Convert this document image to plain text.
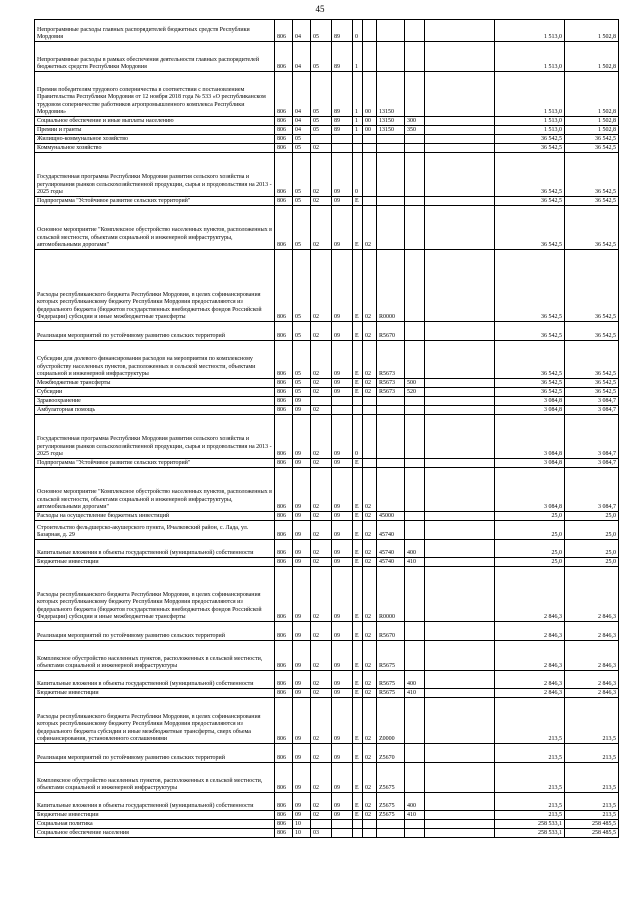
45
Непрограммные расходы главных распорядителей бюджетных средств Республики Мордовия	806	04	05	89	0					1 513,0	1 502,8	
Непрограммные расходы в рамках обеспечения деятельности главных распорядителей бюджетных средств Республики Мордовия	806	04	05	89	1					1 513,0	1 502,8	
Премия победителям трудового соперничества в соответствии с постановлением Правительства Республики Мордовия от 12 ноября 2018 года № 533 «О республиканском трудовом соперничестве работников агропромышленного комплекса Республики Мордовия»	806	04	05	89	1	00	13150			1 513,0	1 502,8	
Социальное обеспечение и иные выплаты населению	806	04	05	89	1	00	13150	300		1 513,0	1 502,8	
Премии и гранты	806	04	05	89	1	00	13150	350		1 513,0	1 502,8	
Жилищно-коммунальное хозяйство	806	05								36 542,5	36 542,5	
Коммунальное хозяйство	806	05	02							36 542,5	36 542,5	
Государственная программа Республики Мордовия развития сельского хозяйства и регулирования рынков сельскохозяйственной продукции, сырья и продовольствия на 2013 - 2025 годы	806	05	02	09	0					36 542,5	36 542,5	
Подпрограмма "Устойчивое развитие сельских территорий"	806	05	02	09	Е					36 542,5	36 542,5	
Основное мероприятие "Комплексное обустройство населенных пунктов, расположенных в сельской местности, объектами социальной и инженерной инфраструктуры, автомобильными дорогами"	806	05	02	09	Е	02				36 542,5	36 542,5	
Расходы республиканского бюджета Республики Мордовия, в целях софинансирования которых республиканскому бюджету Республики Мордовия предоставляются из федерального бюджета (бюджетов государственных внебюджетных фондов Российской Федерации) субсидии и иные межбюджетные трансферты	806	05	02	09	Е	02	R0000			36 542,5	36 542,5	
Реализация мероприятий по устойчивому развитию сельских территорий	806	05	02	09	Е	02	R5670			36 542,5	36 542,5	
Субсидии для долевого финансирования расходов на мероприятия по комплексному обустройству населенных пунктов, расположенных в сельской местности, объектами социальной и инженерной инфраструктуры	806	05	02	09	Е	02	R5673			36 542,5	36 542,5	
Межбюджетные трансферты	806	05	02	09	Е	02	R5673	500		36 542,5	36 542,5	
Субсидии	806	05	02	09	Е	02	R5673	520		36 542,5	36 542,5	
Здравоохранение	806	09								3 084,8	3 084,7	
Амбулаторная помощь	806	09	02							3 084,8	3 084,7	
Государственная программа Республики Мордовия развития сельского хозяйства и регулирования рынков сельскохозяйственной продукции, сырья и продовольствия на 2013 - 2025 годы	806	09	02	09	0					3 084,8	3 084,7	
Подпрограмма "Устойчивое развитие сельских территорий"	806	09	02	09	Е					3 084,8	3 084,7	
Основное мероприятие "Комплексное обустройство населенных пунктов, расположенных в сельской местности, объектами социальной и инженерной инфраструктуры, автомобильными дорогами"	806	09	02	09	Е	02				3 084,8	3 084,7	
Расходы на осуществление бюджетных инвестиций	806	09	02	09	Е	02	45000			25,0	25,0	
Строительство фельдшерско-акушерского пункта, Ичалковский район, с. Лада, ул. Базарная, д. 29	806	09	02	09	Е	02	45740			25,0	25,0	
Капитальные вложения в объекты государственной (муниципальной) собственности	806	09	02	09	Е	02	45740	400		25,0	25,0	
Бюджетные инвестиции	806	09	02	09	Е	02	45740	410		25,0	25,0	
Расходы республиканского бюджета Республики Мордовия, в целях софинансирования которых республиканскому бюджету Республики Мордовия предоставляются из федерального бюджета (бюджетов государственных внебюджетных фондов Российской Федерации) субсидии и иные межбюджетные трансферты	806	09	02	09	Е	02	R0000			2 846,3	2 846,3	
Реализация мероприятий по устойчивому развитию сельских территорий	806	09	02	09	Е	02	R5670			2 846,3	2 846,3	
Комплексное обустройство населенных пунктов, расположенных в сельской местности, объектами социальной и инженерной инфраструктуры	806	09	02	09	Е	02	R5675			2 846,3	2 846,3	
Капитальные вложения в объекты государственной (муниципальной) собственности	806	09	02	09	Е	02	R5675	400		2 846,3	2 846,3	
Бюджетные инвестиции	806	09	02	09	Е	02	R5675	410		2 846,3	2 846,3	
Расходы республиканского бюджета Республики Мордовия, в целях софинансирования которых республиканскому бюджету Республики Мордовия предоставляются из федерального бюджета субсидии и иные межбюджетные трансферты, сверх объема софинансирования, установленного соглашениями	806	09	02	09	Е	02	Z0000			213,5	213,5	
Реализация мероприятий по устойчивому развитию сельских территорий	806	09	02	09	Е	02	Z5670			213,5	213,5	
Комплексное обустройство населенных пунктов, расположенных в сельской местности, объектами социальной и инженерной инфраструктуры	806	09	02	09	Е	02	Z5675			213,5	213,5	
Капитальные вложения в объекты государственной (муниципальной) собственности	806	09	02	09	Е	02	Z5675	400		213,5	213,5	
Бюджетные инвестиции	806	09	02	09	Е	02	Z5675	410		213,5	213,5	
Социальная политика	806	10								258 533,1	258 485,5	
Социальное обеспечение населения	806	10	03							258 533,1	258 485,5	
